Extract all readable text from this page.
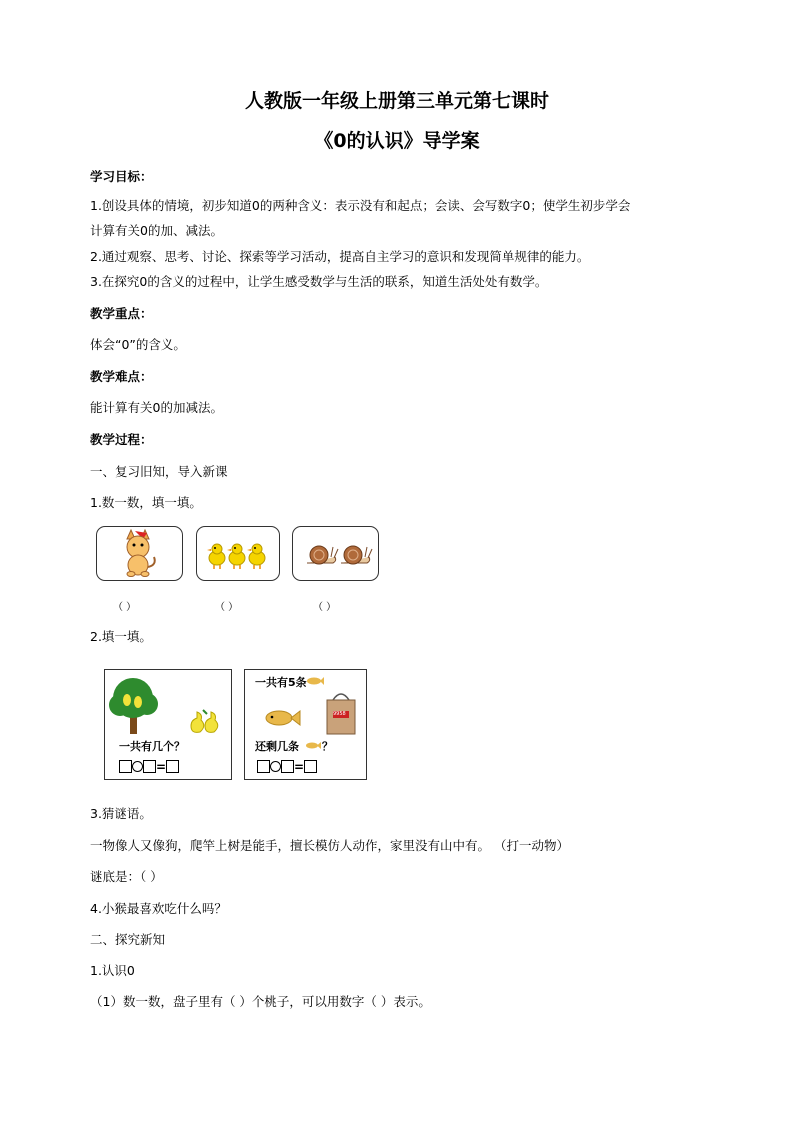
人教版一年级上册第三单元第七课时
《0的认识》导学案
学习目标：
1.创设具体的情境，初步知道0的两种含义：表示没有和起点；会读、会写数字0；使学生初步学会
计算有关0的加、减法。
2.通过观察、思考、讨论、探索等学习活动，提高自主学习的意识和发现简单规律的能力。
3.在探究0的含义的过程中，让学生感受数学与生活的联系，知道生活处处有数学。
教学重点：
体会“0”的含义。
教学难点：
能计算有关0的加减法。
教学过程：
一、复习旧知，导入新课
1.数一数，填一填。
（ ）	（ ）	（ ）
2.填一填。
一共有几个？
=
一共有5条
9958
还剩几条 ？
=
3.猜谜语。
一物像人又像狗，爬竿上树是能手，擅长模仿人动作，家里没有山中有。 （打一动物）
谜底是：（ ）
4.小猴最喜欢吃什么吗？
二、探究新知
1.认识0
（1）数一数，盘子里有（ ）个桃子，可以用数字（ ）表示。
